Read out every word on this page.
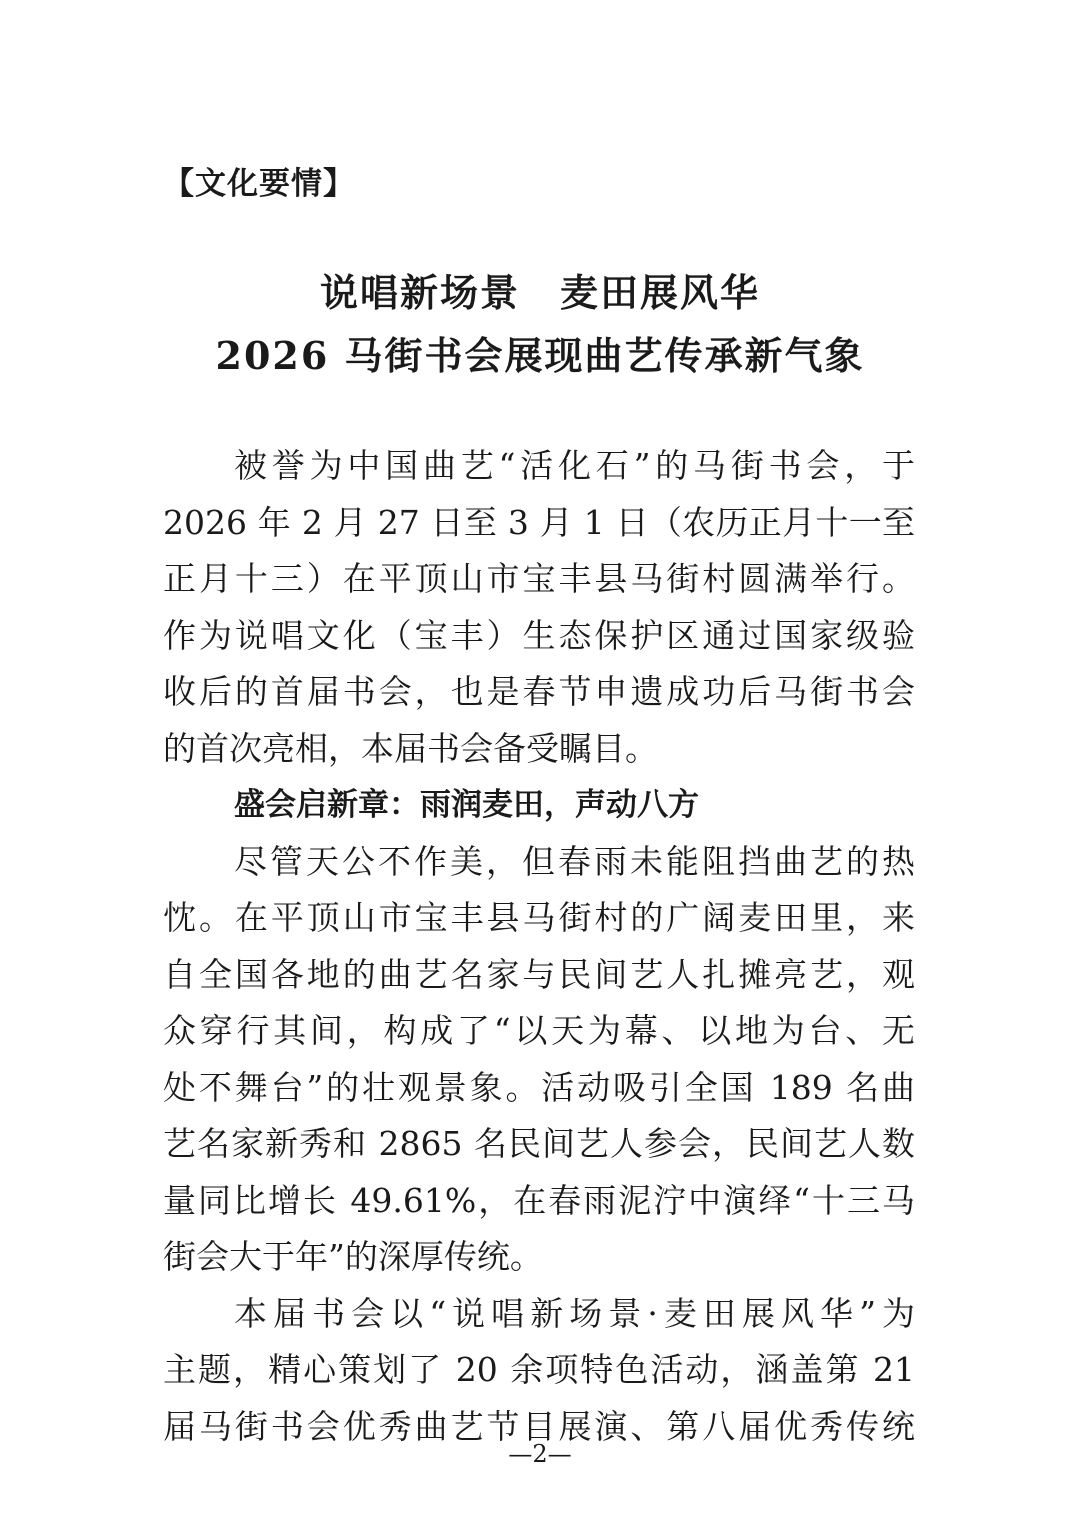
【文化要情】
说唱新场景　麦田展风华
2026 马街书会展现曲艺传承新气象
被誉为中国曲艺“活化石”的马街书会，于
2026 年 2 月 27 日至 3 月 1 日（农历正月十一至
正月十三）在平顶山市宝丰县马街村圆满举行。
作为说唱文化（宝丰）生态保护区通过国家级验
收后的首届书会，也是春节申遗成功后马街书会
的首次亮相，本届书会备受瞩目。
盛会启新章：雨润麦田，声动八方
尽管天公不作美，但春雨未能阻挡曲艺的热
忱。在平顶山市宝丰县马街村的广阔麦田里，来
自全国各地的曲艺名家与民间艺人扎摊亮艺，观
众穿行其间，构成了“以天为幕、以地为台、无
处不舞台”的壮观景象。活动吸引全国 189 名曲
艺名家新秀和 2865 名民间艺人参会，民间艺人数
量同比增长 49.61%，在春雨泥泞中演绎“十三马
街会大于年”的深厚传统。
本届书会以“说唱新场景·麦田展风华”为
主题，精心策划了 20 余项特色活动，涵盖第 21
届马街书会优秀曲艺节目展演、第八届优秀传统
—2—
